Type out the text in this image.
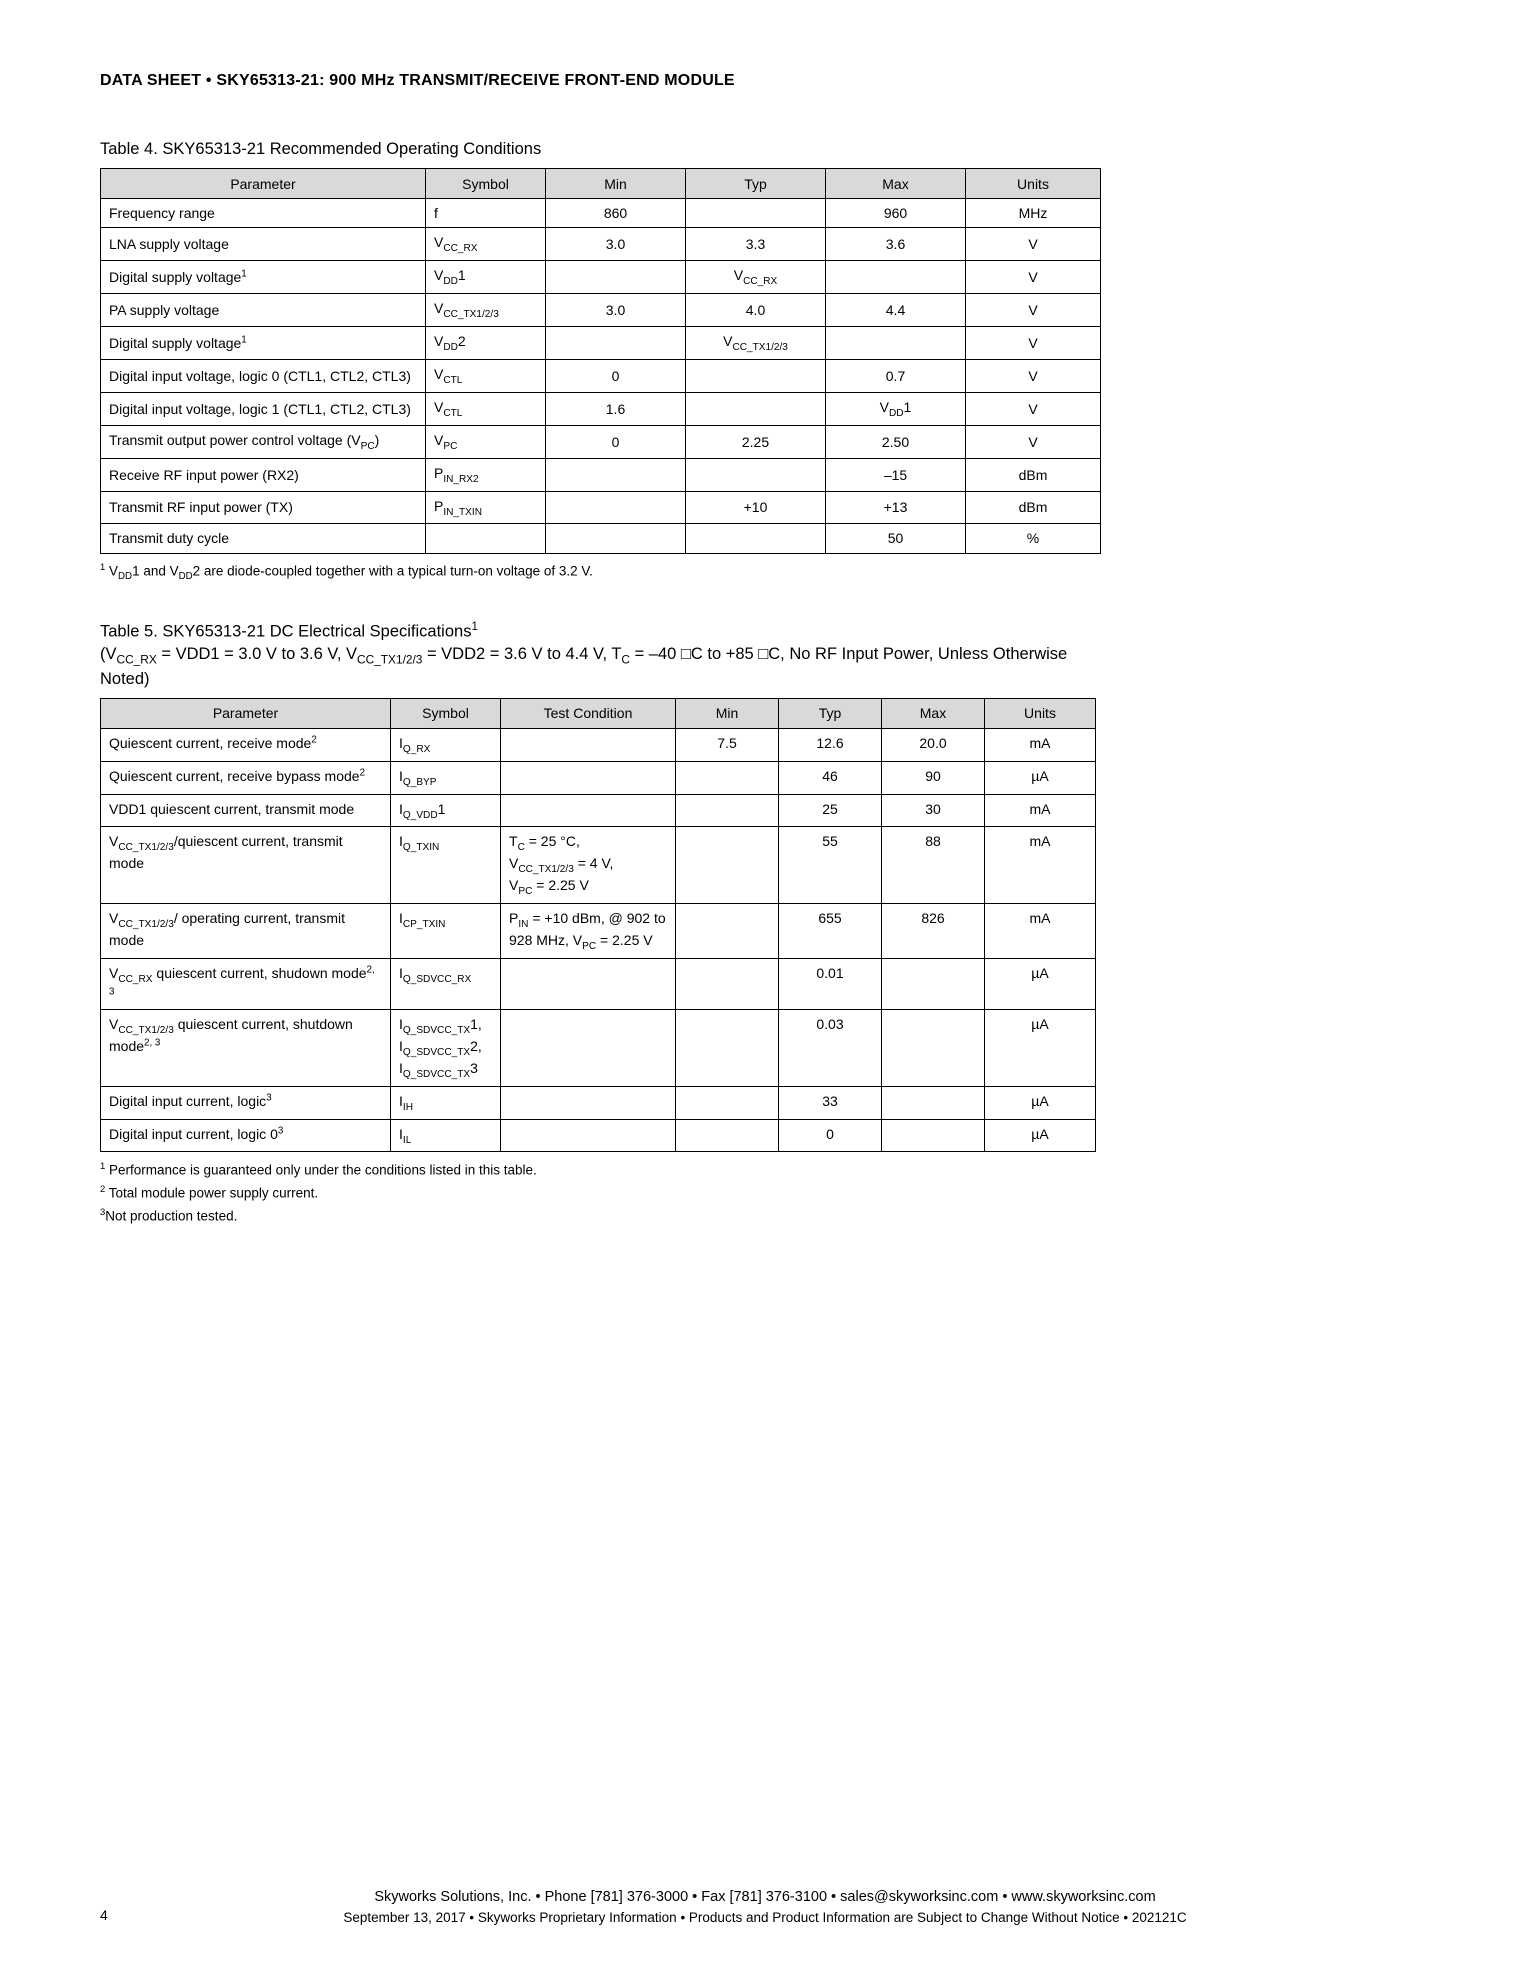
DATA SHEET • SKY65313-21: 900 MHz TRANSMIT/RECEIVE FRONT-END MODULE
Table 4. SKY65313-21 Recommended Operating Conditions
Parameter	Symbol	Min	Typ	Max	Units
Frequency range	f	860		960	MHz
LNA supply voltage	$V_{CC\_RX}$	3.0	3.3	3.6	V
Digital supply voltage$^1$	$V_{DD}1$		$V_{CC\_RX}$		V
PA supply voltage	$V_{CC\_TX1/2/3}$	3.0	4.0	4.4	V
Digital supply voltage$^1$	$V_{DD}2$		$V_{CC\_TX1/2/3}$		V
Digital input voltage, logic 0 (CTL1, CTL2, CTL3)	$V_{CTL}$	0		0.7	V
Digital input voltage, logic 1 (CTL1, CTL2, CTL3)	$V_{CTL}$	1.6		$V_{DD}1$	V
Transmit output power control voltage $(V_{PC})$	$V_{PC}$	0	2.25	2.50	V
Receive RF input power (RX2)	$P_{IN\_RX2}$			–15	dBm
Transmit RF input power (TX)	$P_{IN\_TXIN}$		+10	+13	dBm
Transmit duty cycle				50	%
$^1$ $V_{DD}1$ and $V_{DD}2$ are diode-coupled together with a typical turn-on voltage of 3.2 V.
Table 5. SKY65313-21 DC Electrical Specifications$^1$
($V_{CC\_RX} = VDD1 = 3.0$ V to 3.6 V, $V_{CC\_TX1/2/3} = VDD2 = 3.6$ V to 4.4 V, $T_C = -40$ □C to +85 □C, No RF Input Power, Unless Otherwise
Noted)
Parameter	Symbol	Test Condition	Min	Typ	Max	Units
Quiescent current, receive mode$^2$	$I_{Q\_RX}$		7.5	12.6	20.0	mA
Quiescent current, receive bypass mode$^2$	$I_{Q\_BYP}$			46	90	µA
VDD1 quiescent current, transmit mode	$I_{Q\_VDD}1$			25	30	mA
$V_{CC\_TX1/2/3}$/quiescent current, transmit
mode	$I_{Q\_TXIN}$	$T_C = 25$ °C,
$V_{CC\_TX1/2/3} = 4$ V,
$V_{PC} = 2.25$ V		55	88	mA
$V_{CC\_TX1/2/3}/$ operating current, transmit
mode	$I_{CP\_TXIN}$	$P_{IN} = +10$ dBm, @ 902 to
928 MHz, $V_{PC} = 2.25$ V		655	826	mA
$V_{CC\_RX}$ quiescent current, shudown mode$^{2, 3}$	$I_{Q\_SDVCC\_RX}$			0.01		µA
$V_{CC\_TX1/2/3}$ quiescent current, shutdown
mode$^{2, 3}$	$I_{Q\_SDVCC\_TX}1$,
$I_{Q\_SDVCC\_TX}2$,
$I_{Q\_SDVCC\_TX}3$			0.03		µA
Digital input current, logic$^3$	$I_{IH}$			33		µA
Digital input current, logic $0^3$	$I_{IL}$			0		µA
$^1$ Performance is guaranteed only under the conditions listed in this table.
$^2$ Total module power supply current.
$^3$Not production tested.
Skyworks Solutions, Inc. • Phone [781] 376-3000 • Fax [781] 376-3100 • sales@skyworksinc.com • www.skyworksinc.com
September 13, 2017 • Skyworks Proprietary Information • Products and Product Information are Subject to Change Without Notice • 202121C
4
